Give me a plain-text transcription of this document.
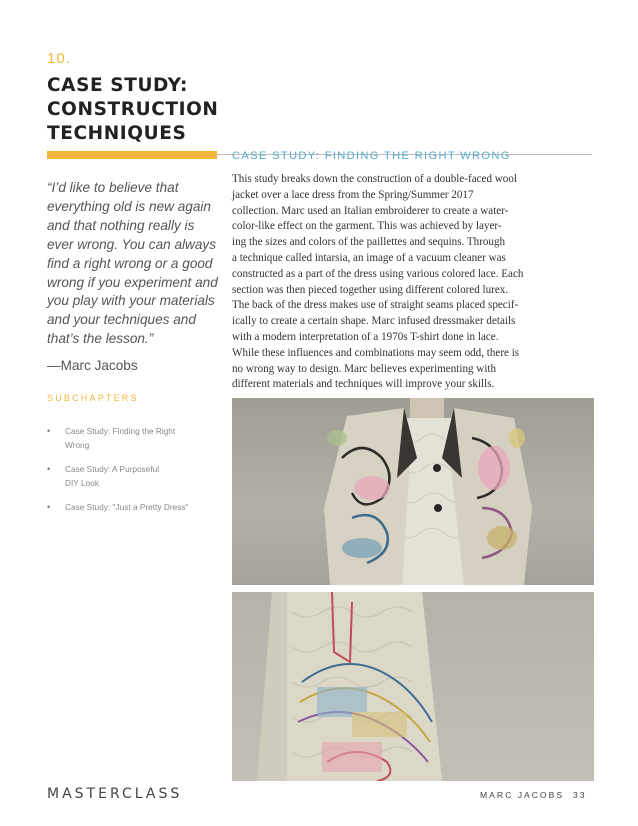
10.
CASE STUDY:
CONSTRUCTION
TECHNIQUES
“I’d like to believe that everything old is new again and that nothing really is ever wrong. You can always find a right wrong or a good wrong if you experiment and you play with your materials and your techniques and that’s the lesson.”
—Marc Jacobs
SUBCHAPTERS
• Case Study: Finding the Right
Wrong
• Case Study: A Purposeful
DIY Look
• Case Study: "Just a Pretty Dress"
CASE STUDY: FINDING THE RIGHT WRONG
This study breaks down the construction of a double-faced wool
jacket over a lace dress from the Spring/Summer 2017
collection. Marc used an Italian embroiderer to create a water-
color-like effect on the garment. This was achieved by layer-
ing the sizes and colors of the paillettes and sequins. Through
a technique called intarsia, an image of a vacuum cleaner was
constructed as a part of the dress using various colored lace. Each
section was then pieced together using different colored lurex.
The back of the dress makes use of straight seams placed specif-
ically to create a certain shape. Marc infused dressmaker details
with a modern interpretation of a 1970s T-shirt done in lace.
While these influences and combinations may seem odd, there is
no wrong way to design. Marc believes experimenting with
different materials and techniques will improve your skills.
MASTERCLASS	MARC JACOBS 33
